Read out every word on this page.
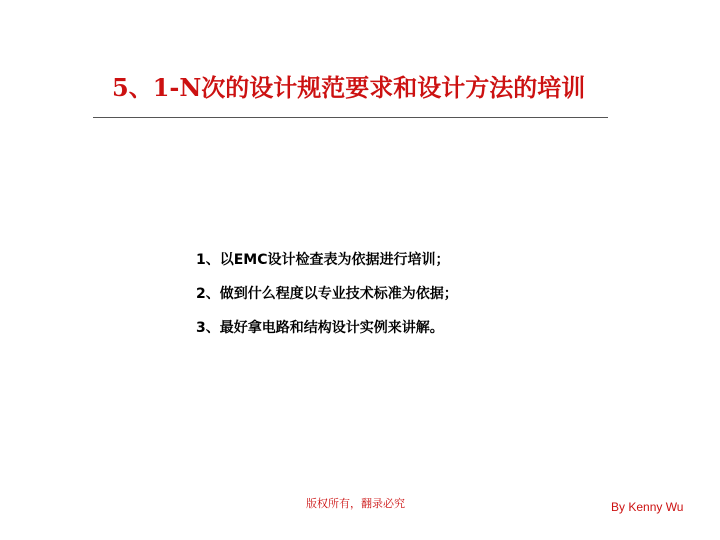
5、1-N次的设计规范要求和设计方法的培训
1、以EMC设计检查表为依据进行培训；
2、做到什么程度以专业技术标准为依据；
3、最好拿电路和结构设计实例来讲解。
版权所有，翻录必究	By Kenny Wu
